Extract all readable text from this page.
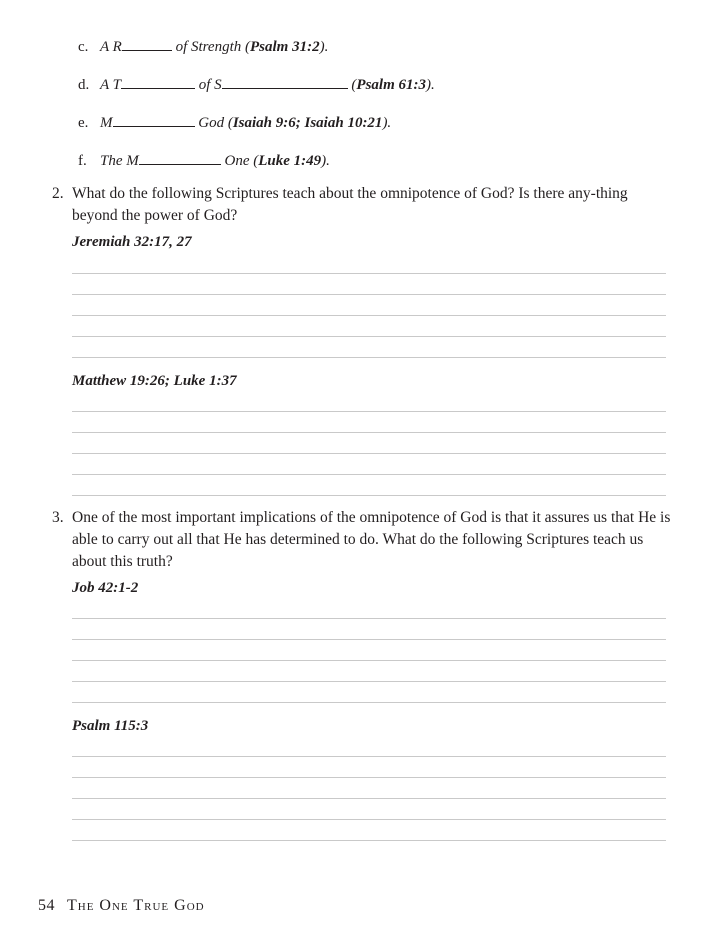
c. A R	of Strength (Psalm 31:2).
d. A T	of S	(Psalm 61:3).
e. M	God (Isaiah 9:6; Isaiah 10:21).
f. The M	One (Luke 1:49).
2. What do the following Scriptures teach about the omnipotence of God? Is there any-thing beyond the power of God?
Jeremiah 32:17, 27
Matthew 19:26; Luke 1:37
3. One of the most important implications of the omnipotence of God is that it assures us that He is able to carry out all that He has determined to do. What do the following Scriptures teach us about this truth?
Job 42:1-2
Psalm 115:3
54 The One True God
